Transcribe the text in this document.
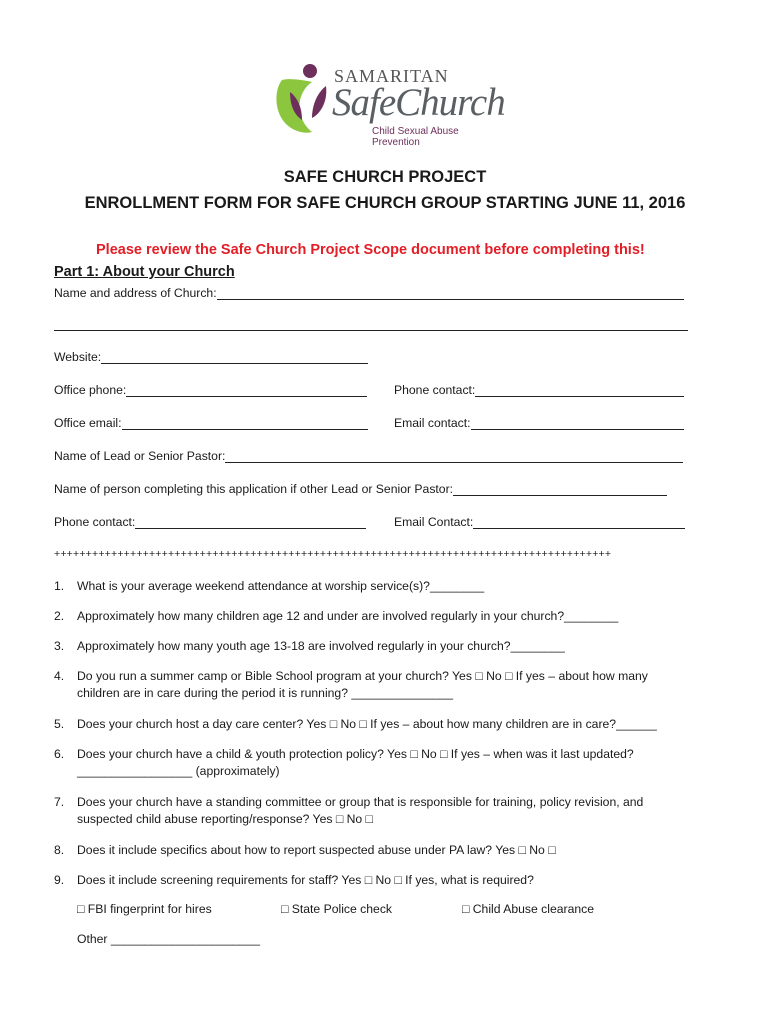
SAMARITAN
SafeChurch
Child Sexual Abuse Prevention
SAFE CHURCH PROJECT
ENROLLMENT FORM FOR SAFE CHURCH GROUP STARTING JUNE 11, 2016
Please review the Safe Church Project Scope document before completing this!
Part 1: About your Church
Name and address of Church:
Website:
Office phone:	Phone contact:
Office email:	Email contact:
Name of Lead or Senior Pastor:
Name of person completing this application if other Lead or Senior Pastor:
Phone contact:	Email Contact:
++++++++++++++++++++++++++++++++++++++++++++++++++++++++++++++++++++++++++++++++++++++++
1.	What is your average weekend attendance at worship service(s)?________
2.	Approximately how many children age 12 and under are involved regularly in your church?________
3.	Approximately how many youth age 13-18 are involved regularly in your church?________
4.	Do you run a summer camp or Bible School program at your church? Yes □ No □ If yes – about how many
children are in care during the period it is running? _______________
5.	Does your church host a day care center? Yes □ No □ If yes – about how many children are in care?______
6.	Does your church have a child & youth protection policy? Yes □ No □ If yes – when was it last updated?
_________________ (approximately)
7.	Does your church have a standing committee or group that is responsible for training, policy revision, and
suspected child abuse reporting/response? Yes □ No □
8.	Does it include specifics about how to report suspected abuse under PA law? Yes □ No □
9.	Does it include screening requirements for staff? Yes □ No □ If yes, what is required?
□ FBI fingerprint for hires	□ State Police check	□ Child Abuse clearance
Other ______________________
